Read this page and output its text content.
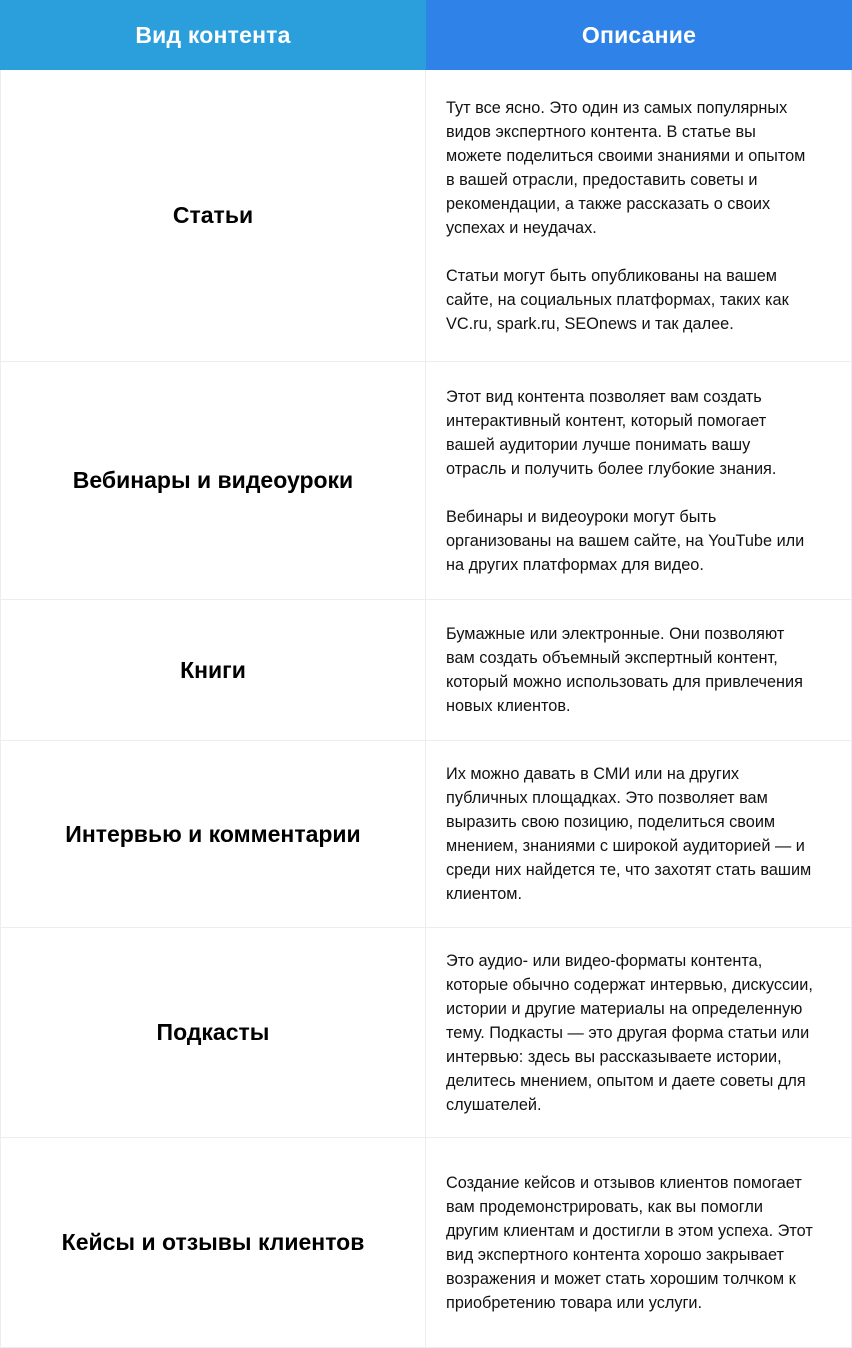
Вид контента	Описание
Статьи

Тут все ясно. Это один из самых популярных видов экспертного контента. В статье вы можете поделиться своими знаниями и опытом в вашей отрасли, предоставить советы и рекомендации, а также рассказать о своих успехах и неудачах.

Статьи могут быть опубликованы на вашем сайте, на социальных платформах, таких как VC.ru, spark.ru, SEOnews и так далее.

Вебинары и видеоуроки

Этот вид контента позволяет вам создать интерактивный контент, который помогает вашей аудитории лучше понимать вашу отрасль и получить более глубокие знания.

Вебинары и видеоуроки могут быть организованы на вашем сайте, на YouTube или на других платформах для видео.

Книги

Бумажные или электронные. Они позволяют вам создать объемный экспертный контент, который можно использовать для привлечения новых клиентов.

Интервью и комментарии

Их можно давать в СМИ или на других публичных площадках. Это позволяет вам выразить свою позицию, поделиться своим мнением, знаниями с широкой аудиторией — и среди них найдется те, что захотят стать вашим клиентом.

Подкасты

Это аудио- или видео-форматы контента, которые обычно содержат интервью, дискуссии, истории и другие материалы на определенную тему. Подкасты — это другая форма статьи или интервью: здесь вы рассказываете истории, делитесь мнением, опытом и даете советы для слушателей.

Кейсы и отзывы клиентов

Создание кейсов и отзывов клиентов помогает вам продемонстрировать, как вы помогли другим клиентам и достигли в этом успеха. Этот вид экспертного контента хорошо закрывает возражения и может стать хорошим толчком к приобретению товара или услуги.
